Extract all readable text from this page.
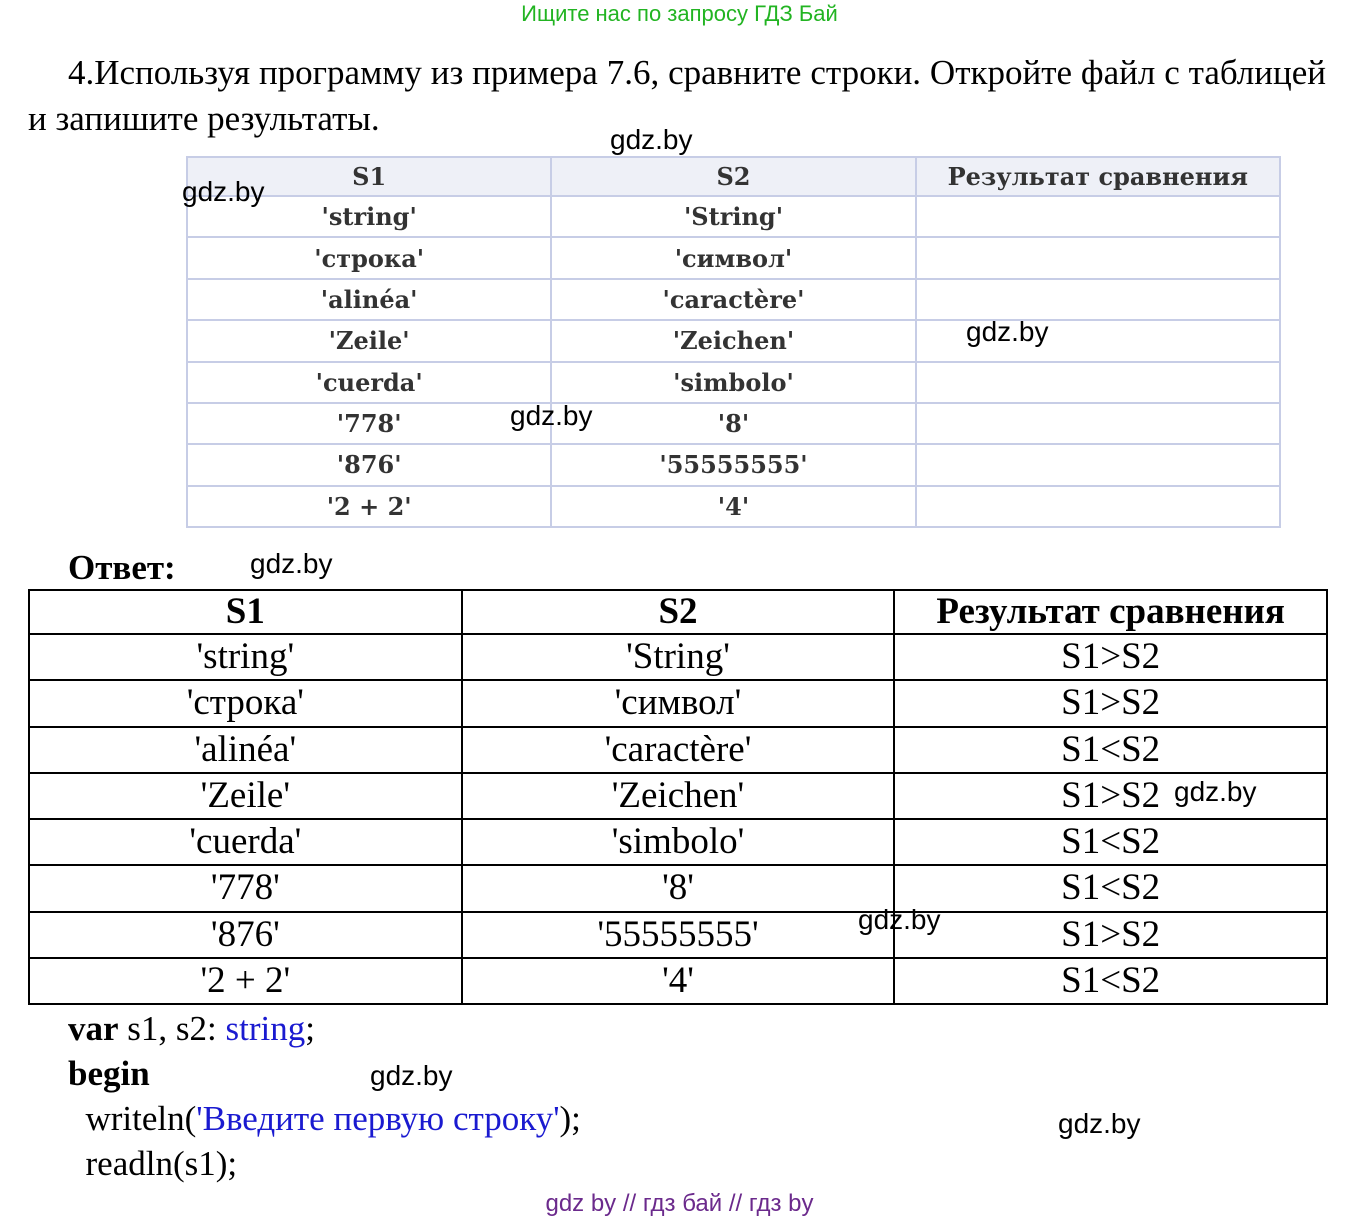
Ищите нас по запросу ГДЗ Бай
4.Используя программу из примера 7.6, сравните строки. Откройте файл с таблицей и запишите результаты.
S1	S2	Результат сравнения
'string'	'String'	
'строка'	'символ'	
'alinéa'	'caractère'	
'Zeile'	'Zeichen'	
'cuerda'	'simbolo'	
'778'	'8'	
'876'	'55555555'	
'2 + 2'	'4'	
Ответ:
S1	S2	Результат сравнения
'string'	'String'	S1>S2
'строка'	'символ'	S1>S2
'alinéa'	'caractère'	S1<S2
'Zeile'	'Zeichen'	S1>S2
'cuerda'	'simbolo'	S1<S2
'778'	'8'	S1<S2
'876'	'55555555'	S1>S2
'2 + 2'	'4'	S1<S2
var s1, s2: string;
begin
writeln('Введите первую строку');
readln(s1);
gdz.by
gdz.by
gdz.by
gdz.by
gdz.by
gdz.by
gdz.by
gdz.by
gdz.by
gdz by // гдз бай // гдз by
